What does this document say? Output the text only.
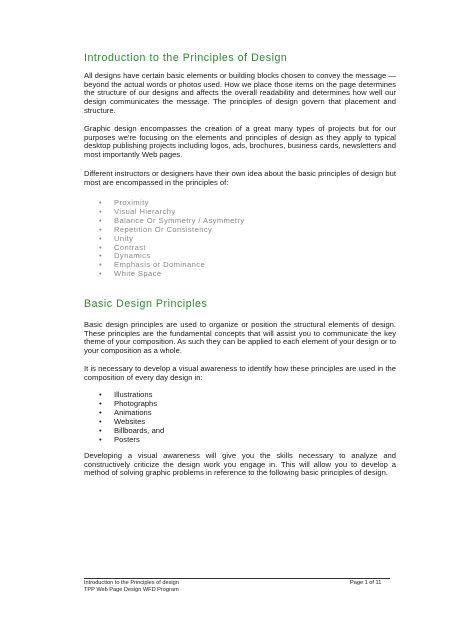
Introduction to the Principles of Design

All designs have certain basic elements or building blocks chosen to convey the message — beyond the actual words or photos used. How we place those items on the page determines the structure of our designs and affects the overall readability and determines how well our design communicates the message. The principles of design govern that placement and structure.

Graphic design encompasses the creation of a great many types of projects but for our purposes we're focusing on the elements and principles of design as they apply to typical desktop publishing projects including logos, ads, brochures, business cards, newsletters and most importantly Web pages.

Different instructors or designers have their own idea about the basic principles of design but most are encompassed in the principles of:

• Proximity
• Visual Hierarchy
• Balance Or Symmetry / Asymmetry
• Repetition Or Consistency
• Unity
• Contrast
• Dynamics
• Emphasis or Dominance
• White Space
Basic Design Principles

Basic design principles are used to organize or position the structural elements of design. These principles are the fundamental concepts that will assist you to communicate the key theme of your composition. As such they can be applied to each element of your design or to your composition as a whole.

It is necessary to develop a visual awareness to identify how these principles are used in the composition of every day design in:

• Illustrations
• Photographs
• Animations
• Websites
• Billboards, and
• Posters

Developing a visual awareness will give you the skills necessary to analyze and constructively criticize the design work you engage in. This will allow you to develop a method of solving graphic problems in reference to the following basic principles of design.

Introduction to the Principles of design
TPP Web Page Design WFD Program
Page 1 of 11
